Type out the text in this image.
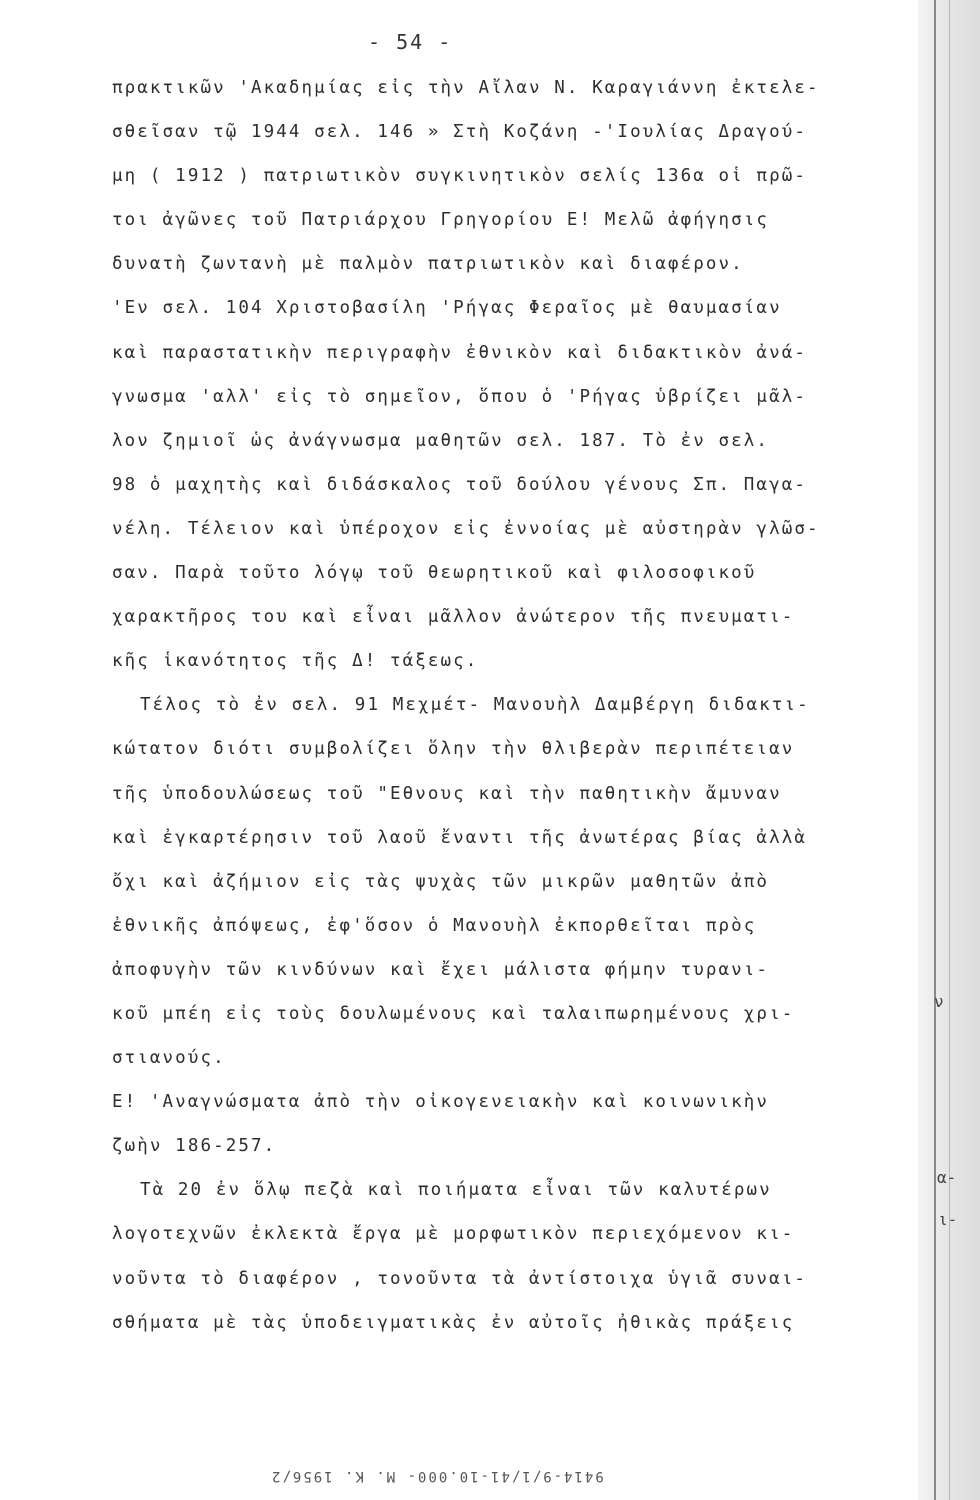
- 54 -
πρακτικῶν 'Ακαδημίας εἰς τὴν Αἴλαν Ν. Καραγιάννη ἐκτελε-
σθεῖσαν τῷ 1944 σελ. 146 » Στὴ Κοζάνη -'Ιουλίας Δραγού-
μη ( 1912 ) πατριωτικὸν συγκινητικὸν σελίς 136α οἱ πρῶ-
τοι ἀγῶνες τοῦ Πατριάρχου Γρηγορίου Ε! Μελῶ ἀφήγησις
δυνατὴ ζωντανὴ μὲ παλμὸν πατριωτικὸν καὶ διαφέρον.
'Εν σελ. 104 Χριστοβασίλη 'Ρήγας Φεραῖος μὲ θαυμασίαν
καὶ παραστατικὴν περιγραφὴν ἐθνικὸν καὶ διδακτικὸν ἀνά-
γνωσμα 'αλλ' εἰς τὸ σημεῖον, ὅπου ὁ 'Ρήγας ὑβρίζει μᾶλ-
λον ζημιοῖ ὡς ἀνάγνωσμα μαθητῶν σελ. 187. Τὸ ἐν σελ.
98 ὁ μαχητὴς καὶ διδάσκαλος τοῦ δούλου γένους Σπ. Παγα-
νέλη. Τέλειον καὶ ὑπέροχον εἰς ἐννοίας μὲ αὐστηρὰν γλῶσ-
σαν. Παρὰ τοῦτο λόγῳ τοῦ θεωρητικοῦ καὶ φιλοσοφικοῦ
χαρακτῆρος του καὶ εἶναι μᾶλλον ἀνώτερον τῆς πνευματι-
κῆς ἱκανότητος τῆς Δ! τάξεως.
Τέλος τὸ ἐν σελ. 91 Μεχμέτ- Μανουὴλ Δαμβέργη διδακτι-
κώτατον διότι συμβολίζει ὅλην τὴν θλιβερὰν περιπέτειαν
τῆς ὑποδουλώσεως τοῦ "Εθνους καὶ τὴν παθητικὴν ἄμυναν
καὶ ἐγκαρτέρησιν τοῦ λαοῦ ἔναντι τῆς ἀνωτέρας βίας ἀλλὰ
ὄχι καὶ ἀζήμιον εἰς τὰς ψυχὰς τῶν μικρῶν μαθητῶν ἀπὸ
ἐθνικῆς ἀπόψεως, ἐφ'ὅσον ὁ Μανουὴλ ἐκπορθεῖται πρὸς
ἀποφυγὴν τῶν κινδύνων καὶ ἔχει μάλιστα φήμην τυρανι-
κοῦ μπέη εἰς τοὺς δουλωμένους καὶ ταλαιπωρημένους χρι-
στιανούς.
Ε! 'Αναγνώσματα ἀπὸ τὴν οἰκογενειακὴν καὶ κοινωνικὴν
ζωὴν 186-257.
Τὰ 20 ἐν ὅλῳ πεζὰ καὶ ποιήματα εἶναι τῶν καλυτέρων
λογοτεχνῶν ἐκλεκτὰ ἔργα μὲ μορφωτικὸν περιεχόμενον κι-
νοῦντα τὸ διαφέρον , τονοῦντα τὰ ἀντίστοιχα ὑγιᾶ συναι-
σθήματα μὲ τὰς ὑποδειγματικὰς ἐν αὐτοῖς ἠθικὰς πράξεις
ν
α-
ι-
9414-9/1/41-10.000- Μ. Κ. 1956/2
